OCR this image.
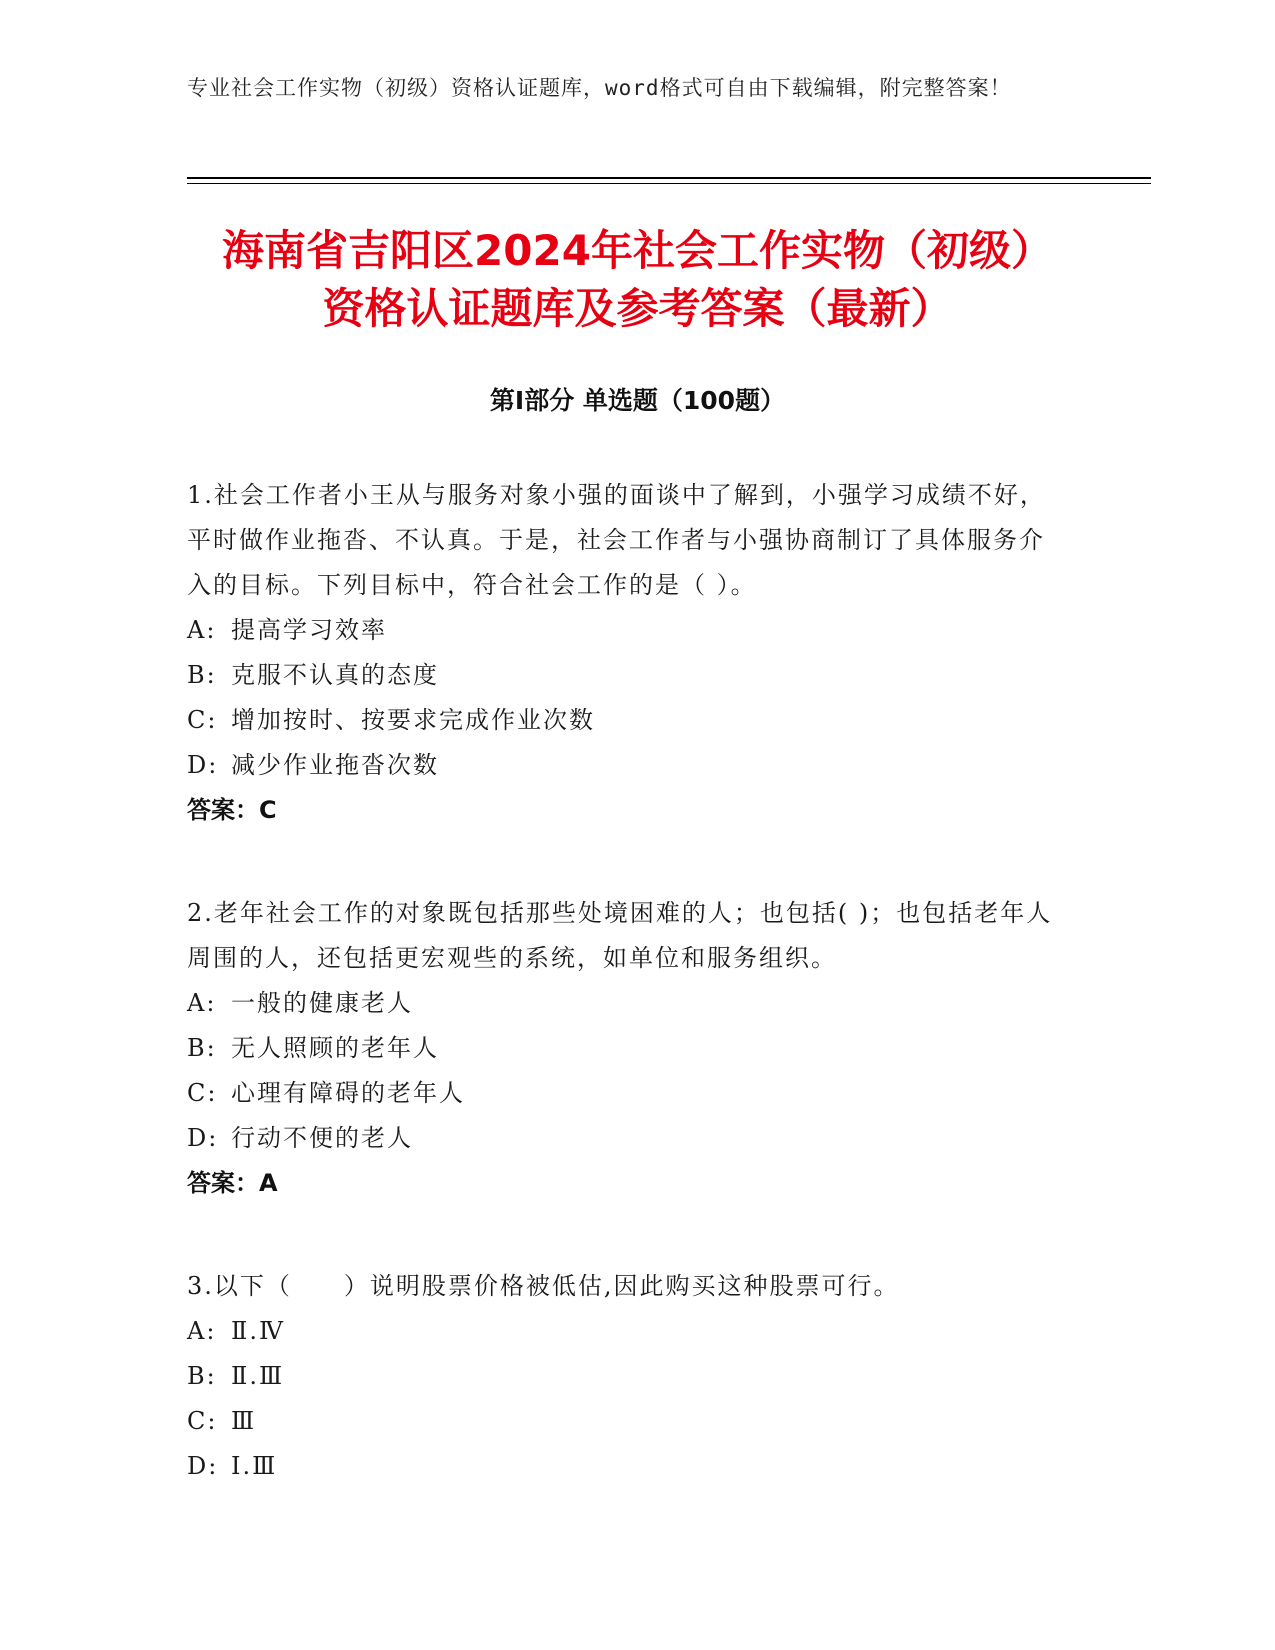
专业社会工作实物（初级）资格认证题库，word格式可自由下载编辑，附完整答案！
海南省吉阳区2024年社会工作实物（初级）
资格认证题库及参考答案（最新）
第I部分 单选题（100题）
1.社会工作者小王从与服务对象小强的面谈中了解到，小强学习成绩不好，平时做作业拖沓、不认真。于是，社会工作者与小强协商制订了具体服务介入的目标。下列目标中，符合社会工作的是（ ）。
A: 提高学习效率
B: 克服不认真的态度
C: 增加按时、按要求完成作业次数
D: 减少作业拖沓次数
答案：C
2.老年社会工作的对象既包括那些处境困难的人；也包括( )；也包括老年人周围的人，还包括更宏观些的系统，如单位和服务组织。
A: 一般的健康老人
B: 无人照顾的老年人
C: 心理有障碍的老年人
D: 行动不便的老人
答案：A
3.以下（　　）说明股票价格被低估,因此购买这种股票可行。
A: Ⅱ.Ⅳ
B: Ⅱ.Ⅲ
C: Ⅲ
D: Ⅰ.Ⅲ
